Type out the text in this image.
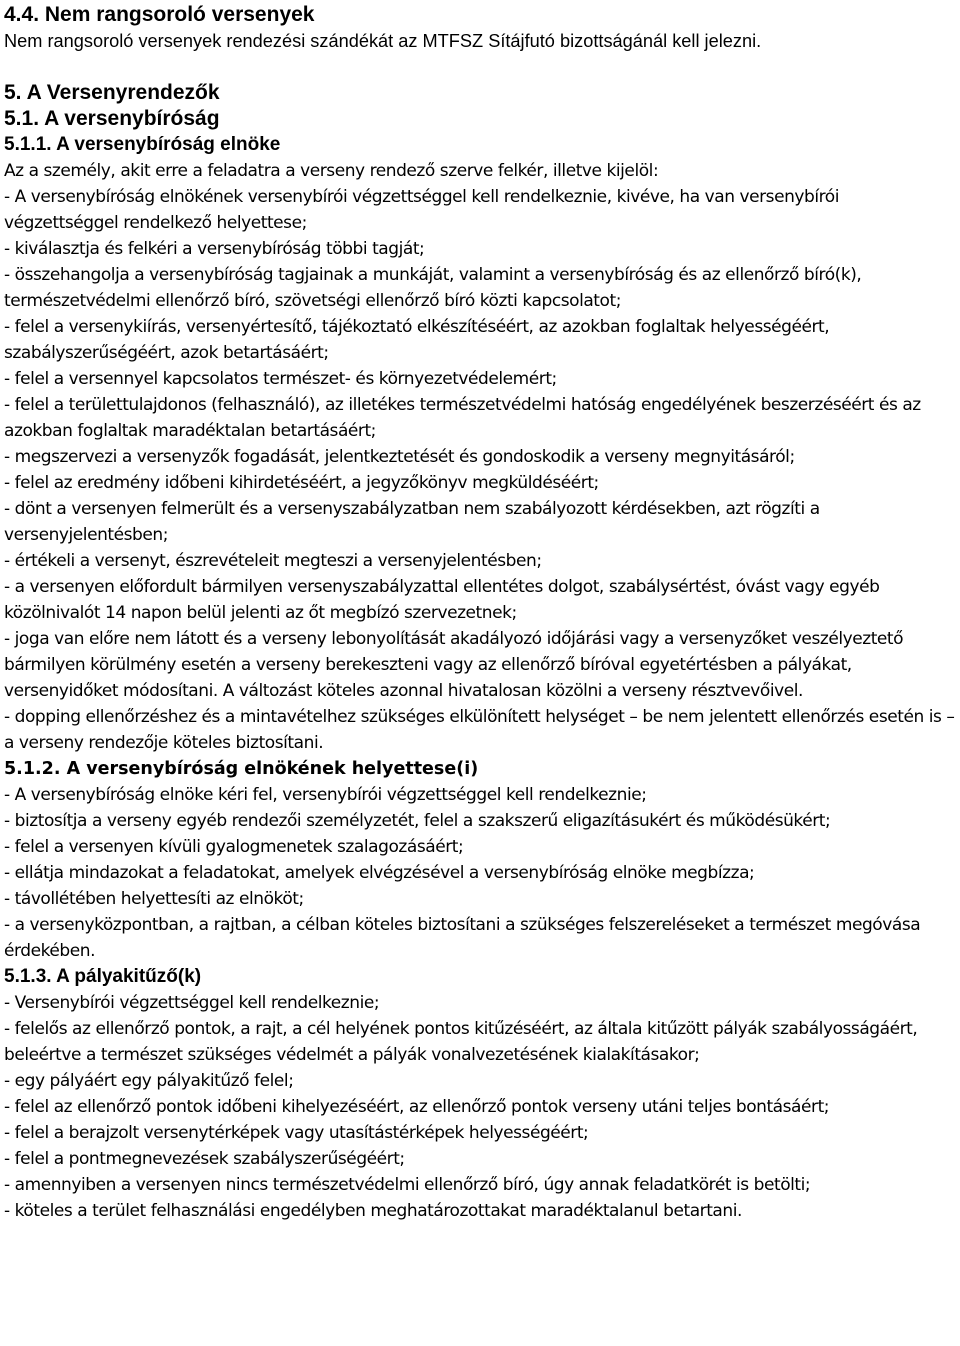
4.4. Nem rangsoroló versenyek

Nem rangsoroló versenyek rendezési szándékát az MTFSZ Sítájfutó bizottságánál kell jelezni.

5. A Versenyrendezők
5.1. A versenybíróság
5.1.1. A versenybíróság elnöke

Az a személy, akit erre a feladatra a verseny rendező szerve felkér, illetve kijelöl:

- A versenybíróság elnökének versenybírói végzettséggel kell rendelkeznie, kivéve, ha van versenybírói végzettséggel rendelkező helyettese;

- kiválasztja és felkéri a versenybíróság többi tagját;

- összehangolja a versenybíróság tagjainak a munkáját, valamint a versenybíróság és az ellenőrző bíró(k), természetvédelmi ellenőrző bíró, szövetségi ellenőrző bíró közti kapcsolatot;

- felel a versenykiírás, versenyértesítő, tájékoztató elkészítéséért, az azokban foglaltak helyességéért, szabályszerűségéért, azok betartásáért;

- felel a versennyel kapcsolatos természet- és környezetvédelemért;

- felel a területtulajdonos (felhasználó), az illetékes természetvédelmi hatóság engedélyének beszerzéséért és az azokban foglaltak maradéktalan betartásáért;

- megszervezi a versenyzők fogadását, jelentkeztetését és gondoskodik a verseny megnyitásáról;

- felel az eredmény időbeni kihirdetéséért, a jegyzőkönyv megküldéséért;

- dönt a versenyen felmerült és a versenyszabályzatban nem szabályozott kérdésekben, azt rögzíti a versenyjelentésben;

- értékeli a versenyt, észrevételeit megteszi a versenyjelentésben;

- a versenyen előfordult bármilyen versenyszabályzattal ellentétes dolgot, szabálysértést, óvást vagy egyéb közölnivalót 14 napon belül jelenti az őt megbízó szervezetnek;

- joga van előre nem látott és a verseny lebonyolítását akadályozó időjárási vagy a versenyzőket veszélyeztető bármilyen körülmény esetén a verseny berekeszteni vagy az ellenőrző bíróval egyetértésben a pályákat, versenyidőket módosítani. A változást köteles azonnal hivatalosan közölni a verseny résztvevőivel.

- dopping ellenőrzéshez és a mintavételhez szükséges elkülönített helységet – be nem jelentett ellenőrzés esetén is – a verseny rendezője köteles biztosítani.

5.1.2. A versenybíróság elnökének helyettese(i)

- A versenybíróság elnöke kéri fel, versenybírói végzettséggel kell rendelkeznie;

- biztosítja a verseny egyéb rendezői személyzetét, felel a szakszerű eligazításukért és működésükért;

- felel a versenyen kívüli gyalogmenetek szalagozásáért;

- ellátja mindazokat a feladatokat, amelyek elvégzésével a versenybíróság elnöke megbízza;

- távollétében helyettesíti az elnököt;

- a versenyközpontban, a rajtban, a célban köteles biztosítani a szükséges felszereléseket a természet megóvása érdekében.

5.1.3. A pályakitűző(k)

- Versenybírói végzettséggel kell rendelkeznie;

- felelős az ellenőrző pontok, a rajt, a cél helyének pontos kitűzéséért, az általa kitűzött pályák szabályosságáért, beleértve a természet szükséges védelmét a pályák vonalvezetésének kialakításakor;

- egy pályáért egy pályakitűző felel;

- felel az ellenőrző pontok időbeni kihelyezéséért, az ellenőrző pontok verseny utáni teljes bontásáért;

- felel a berajzolt versenytérképek vagy utasítástérképek helyességéért;

- felel a pontmegnevezések szabályszerűségéért;

- amennyiben a versenyen nincs természetvédelmi ellenőrző bíró, úgy annak feladatkörét is betölti;

- köteles a terület felhasználási engedélyben meghatározottakat maradéktalanul betartani.
